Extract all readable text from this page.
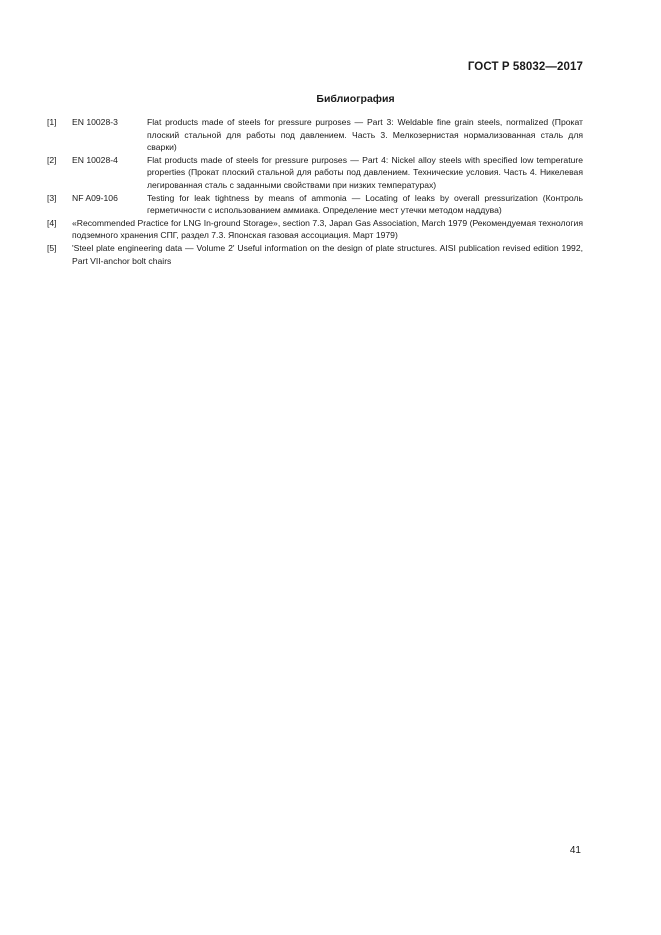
ГОСТ Р 58032—2017
Библиография
[1] EN 10028-3	Flat products made of steels for pressure purposes — Part 3: Weldable fine grain steels, normalized (Прокат плоский стальной для работы под давлением. Часть 3. Мелкозернистая нормализованная сталь для сварки)
[2] EN 10028-4	Flat products made of steels for pressure purposes — Part 4: Nickel alloy steels with specified low temperature properties (Прокат плоский стальной для работы под давлением. Технические условия. Часть 4. Никелевая легированная сталь с заданными свойствами при низких температурах)
[3] NF A09-106	Testing for leak tightness by means of ammonia — Locating of leaks by overall pressurization (Контроль герметичности с использованием аммиака. Определение мест утечки методом наддува)
[4] «Recommended Practice for LNG In-ground Storage», section 7.3, Japan Gas Association, March 1979 (Рекомендуемая технология подземного хранения СПГ, раздел 7.3. Японская газовая ассоциация. Март 1979)
[5] 'Steel plate engineering data — Volume 2' Useful information on the design of plate structures. AISI publication revised edition 1992, Part VII-anchor bolt chairs
41
